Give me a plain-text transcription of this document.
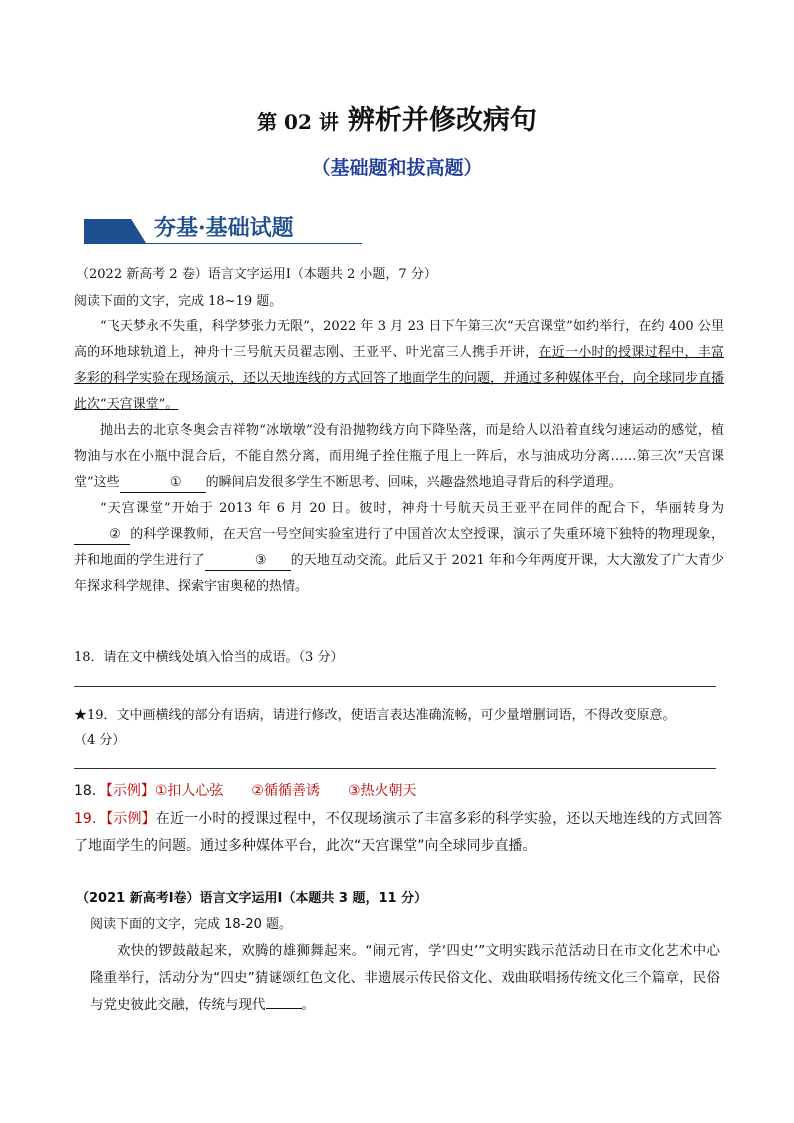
第 02 讲 辨析并修改病句
（基础题和拔高题）
夯基·基础试题
（2022 新高考 2 卷）语言文字运用Ⅰ（本题共 2 小题，7 分）
阅读下面的文字，完成 18~19 题。

“飞天梦永不失重，科学梦张力无限”，2022 年 3 月 23 日下午第三次“天宫课堂”如约举行，在约 400 公里高的环地球轨道上，神舟十三号航天员翟志刚、王亚平、叶光富三人携手开讲，在近一小时的授课过程中，丰富多彩的科学实验在现场演示，还以天地连线的方式回答了地面学生的问题，并通过多种媒体平台，向全球同步直播此次“天宫课堂”。

抛出去的北京冬奥会吉祥物“冰墩墩”没有沿抛物线方向下降坠落，而是给人以沿着直线匀速运动的感觉，植物油与水在小瓶中混合后，不能自然分离，而用绳子拴住瓶子甩上一阵后，水与油成功分离……第三次“天宫课堂”这些	① 的瞬间启发很多学生不断思考、回味，兴趣盎然地追寻背后的科学道理。

“天宫课堂”开始于 2013 年 6 月 20 日。彼时，神舟十号航天员王亚平在同伴的配合下，华丽转身为② 的科学课教师，在天宫一号空间实验室进行了中国首次太空授课，演示了失重环境下独特的物理现象，并和地面的学生进行了	③ 的天地互动交流。此后又于 2021 年和今年两度开课，大大激发了广大青少年探求科学规律、探索宇宙奥秘的热情。

18．请在文中横线处填入恰当的成语。（3 分）
★19．文中画横线的部分有语病，请进行修改，使语言表达准确流畅，可少量增删词语，不得改变原意。
（4 分）
18．【示例】①扣人心弦 ②循循善诱 ③热火朝天
19．【示例】在近一小时的授课过程中，不仅现场演示了丰富多彩的科学实验，还以天地连线的方式回答了地面学生的问题。通过多种媒体平台，此次“天宫课堂”向全球同步直播。
（2021 新高考Ⅰ卷）语言文字运用Ⅰ（本题共 3 题，11 分）
阅读下面的文字，完成 18-20 题。
欢快的锣鼓敲起来，欢腾的雄狮舞起来。“闹元宵，学‘四史’”文明实践示范活动日在市文化艺术中心隆重举行，活动分为“四史”猜谜颂红色文化、非遗展示传民俗文化、戏曲联唱扬传统文化三个篇章，民俗与党史彼此交融，传统与现代	。
